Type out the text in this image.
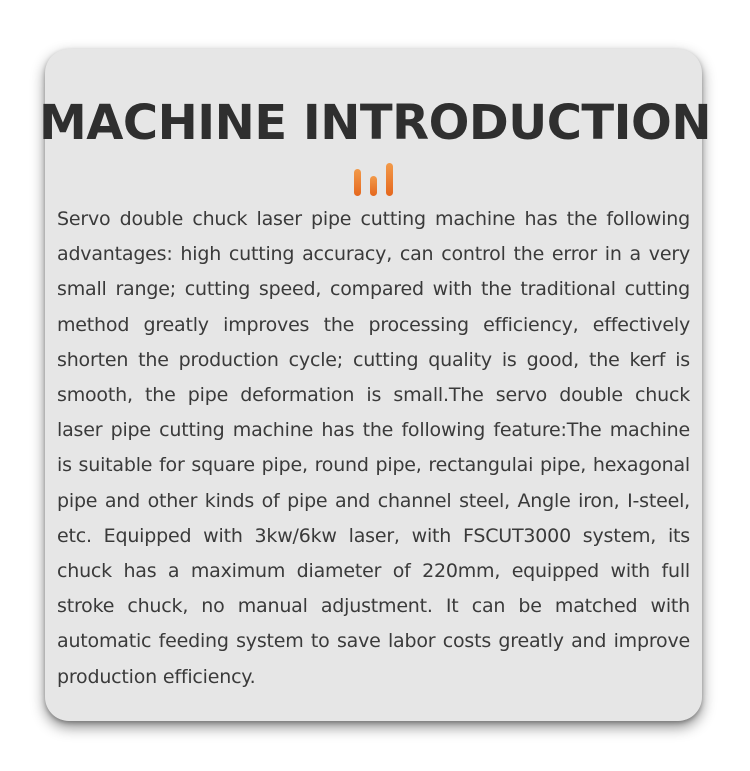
MACHINE INTRODUCTION

Servo double chuck laser pipe cutting machine has the following advantages: high cutting accuracy, can control the error in a very small range; cutting speed, compared with the traditional cutting method greatly improves the processing efficiency, effectively shorten the production cycle; cutting quality is good, the kerf is smooth, the pipe deformation is small.The servo double chuck laser pipe cutting machine has the following feature:The machine is suitable for square pipe, round pipe, rectangulai pipe, hexagonal pipe and other kinds of pipe and channel steel, Angle iron, I-steel, etc. Equipped with 3kw/6kw laser, with FSCUT3000 system, its chuck has a maximum diameter of 220mm, equipped with full stroke chuck, no manual adjustment. It can be matched with automatic feeding system to save labor costs greatly and improve production efficiency.
